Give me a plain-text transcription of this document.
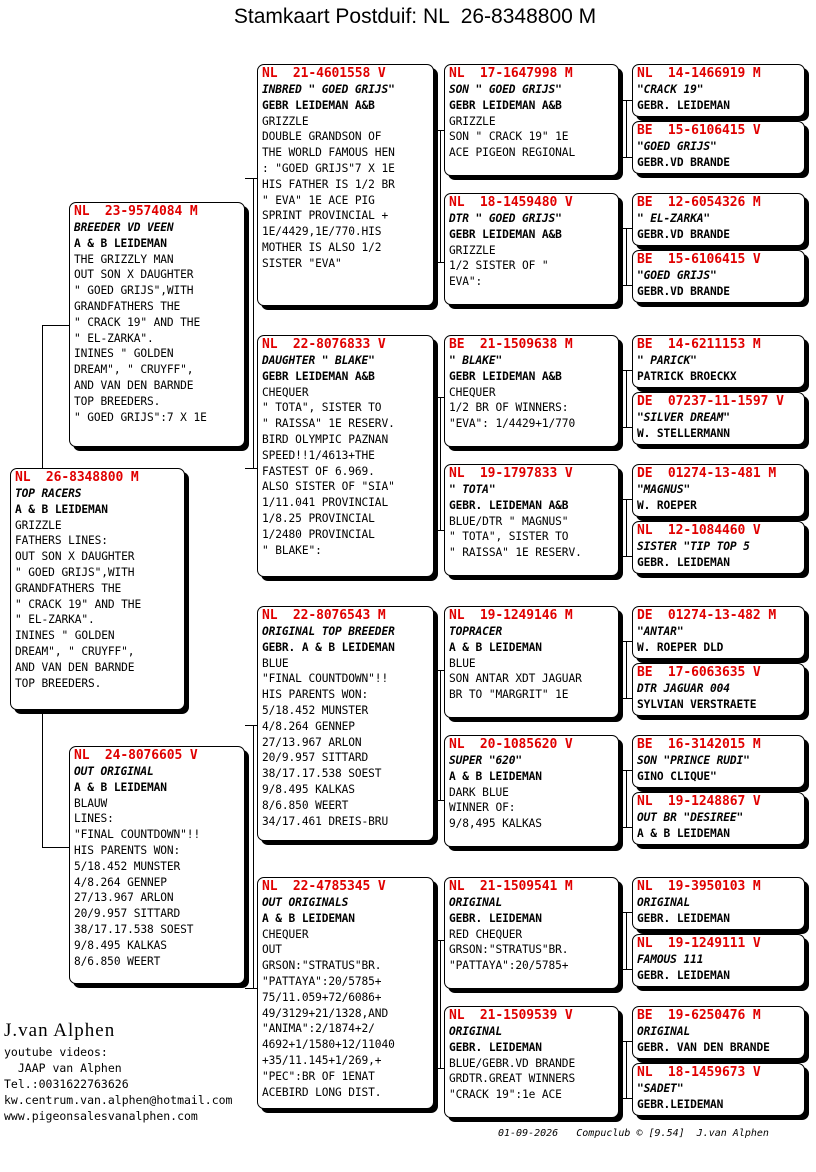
Stamkaart Postduif: NL  26-8348800 M
NL  26-8348800 M
TOP RACERS
A & B LEIDEMAN
GRIZZLE
FATHERS LINES:
OUT SON X DAUGHTER
" GOED GRIJS",WITH
GRANDFATHERS THE
" CRACK 19" AND THE
" EL-ZARKA".
ININES " GOLDEN
DREAM", " CRUYFF",
AND VAN DEN BARNDE
TOP BREEDERS.
NL  23-9574084 M
BREEDER VD VEEN
A & B LEIDEMAN
THE GRIZZLY MAN
OUT SON X DAUGHTER
" GOED GRIJS",WITH
GRANDFATHERS THE
" CRACK 19" AND THE
" EL-ZARKA".
ININES " GOLDEN
DREAM", " CRUYFF",
AND VAN DEN BARNDE
TOP BREEDERS.
" GOED GRIJS":7 X 1E
NL  24-8076605 V
OUT ORIGINAL
A & B LEIDEMAN
BLAUW
LINES:
"FINAL COUNTDOWN"!!
HIS PARENTS WON:
5/18.452 MUNSTER
4/8.264 GENNEP
27/13.967 ARLON
20/9.957 SITTARD
38/17.17.538 SOEST
9/8.495 KALKAS
8/6.850 WEERT
NL  21-4601558 V
INBRED " GOED GRIJS"
GEBR LEIDEMAN A&B
GRIZZLE
DOUBLE GRANDSON OF
THE WORLD FAMOUS HEN
: "GOED GRIJS"7 X 1E
HIS FATHER IS 1/2 BR
" EVA" 1E ACE PIG
SPRINT PROVINCIAL +
1E/4429,1E/770.HIS
MOTHER IS ALSO 1/2
SISTER "EVA"
NL  22-8076833 V
DAUGHTER " BLAKE"
GEBR LEIDEMAN A&B
CHEQUER
" TOTA", SISTER TO
" RAISSA" 1E RESERV.
BIRD OLYMPIC PAZNAN
SPEED!!1/4613+THE
FASTEST OF 6.969.
ALSO SISTER OF "SIA"
1/11.041 PROVINCIAL
1/8.25 PROVINCIAL
1/2480 PROVINCIAL
" BLAKE":
NL  22-8076543 M
ORIGINAL TOP BREEDER
GEBR. A & B LEIDEMAN
BLUE
"FINAL COUNTDOWN"!!
HIS PARENTS WON:
5/18.452 MUNSTER
4/8.264 GENNEP
27/13.967 ARLON
20/9.957 SITTARD
38/17.17.538 SOEST
9/8.495 KALKAS
8/6.850 WEERT
34/17.461 DREIS-BRU
NL  22-4785345 V
OUT ORIGINALS
A & B LEIDEMAN
CHEQUER
OUT
GRSON:"STRATUS"BR.
"PATTAYA":20/5785+
75/11.059+72/6086+
49/3129+21/1328,AND
"ANIMA":2/1874+2/
4692+1/1580+12/11040
+35/11.145+1/269,+
"PEC":BR OF 1ENAT
ACEBIRD LONG DIST.
NL  17-1647998 M
SON " GOED GRIJS"
GEBR LEIDEMAN A&B
GRIZZLE
SON " CRACK 19" 1E
ACE PIGEON REGIONAL
NL  18-1459480 V
DTR " GOED GRIJS"
GEBR LEIDEMAN A&B
GRIZZLE
1/2 SISTER OF "
EVA":
BE  21-1509638 M
" BLAKE"
GEBR LEIDEMAN A&B
CHEQUER
1/2 BR OF WINNERS:
"EVA": 1/4429+1/770
NL  19-1797833 V
" TOTA"
GEBR. LEIDEMAN A&B
BLUE/DTR " MAGNUS"
" TOTA", SISTER TO
" RAISSA" 1E RESERV.
NL  19-1249146 M
TOPRACER
A & B LEIDEMAN
BLUE
SON ANTAR XDT JAGUAR
BR TO "MARGRIT" 1E
NL  20-1085620 V
SUPER "620"
A & B LEIDEMAN
DARK BLUE
WINNER OF:
9/8,495 KALKAS
NL  21-1509541 M
ORIGINAL
GEBR. LEIDEMAN
RED CHEQUER
GRSON:"STRATUS"BR.
"PATTAYA":20/5785+
NL  21-1509539 V
ORIGINAL
GEBR. LEIDEMAN
BLUE/GEBR.VD BRANDE
GRDTR.GREAT WINNERS
"CRACK 19":1e ACE
NL  14-1466919 M
"CRACK 19"
GEBR. LEIDEMAN
BE  15-6106415 V
"GOED GRIJS"
GEBR.VD BRANDE
BE  12-6054326 M
" EL-ZARKA"
GEBR.VD BRANDE
BE  15-6106415 V
"GOED GRIJS"
GEBR.VD BRANDE
BE  14-6211153 M
" PARICK"
PATRICK BROECKX
DE  07237-11-1597 V
"SILVER DREAM"
W. STELLERMANN
DE  01274-13-481 M
"MAGNUS"
W. ROEPER
NL  12-1084460 V
SISTER "TIP TOP 5
GEBR. LEIDEMAN
DE  01274-13-482 M
"ANTAR"
W. ROEPER DLD
BE  17-6063635 V
DTR JAGUAR 004
SYLVIAN VERSTRAETE
BE  16-3142015 M
SON "PRINCE RUDI"
GINO CLIQUE"
NL  19-1248867 V
OUT BR "DESIREE"
A & B LEIDEMAN
NL  19-3950103 M
ORIGINAL
GEBR. LEIDEMAN
NL  19-1249111 V
FAMOUS 111
GEBR. LEIDEMAN
BE  19-6250476 M
ORIGINAL
GEBR. VAN DEN BRANDE
NL  18-1459673 V
"SADET"
GEBR.LEIDEMAN
J.van Alphen
youtube videos:
JAAP van Alphen
Tel.:0031622763626
kw.centrum.van.alphen@hotmail.com
www.pigeonsalesvanalphen.com
01-09-2026   Compuclub © [9.54]  J.van Alphen
